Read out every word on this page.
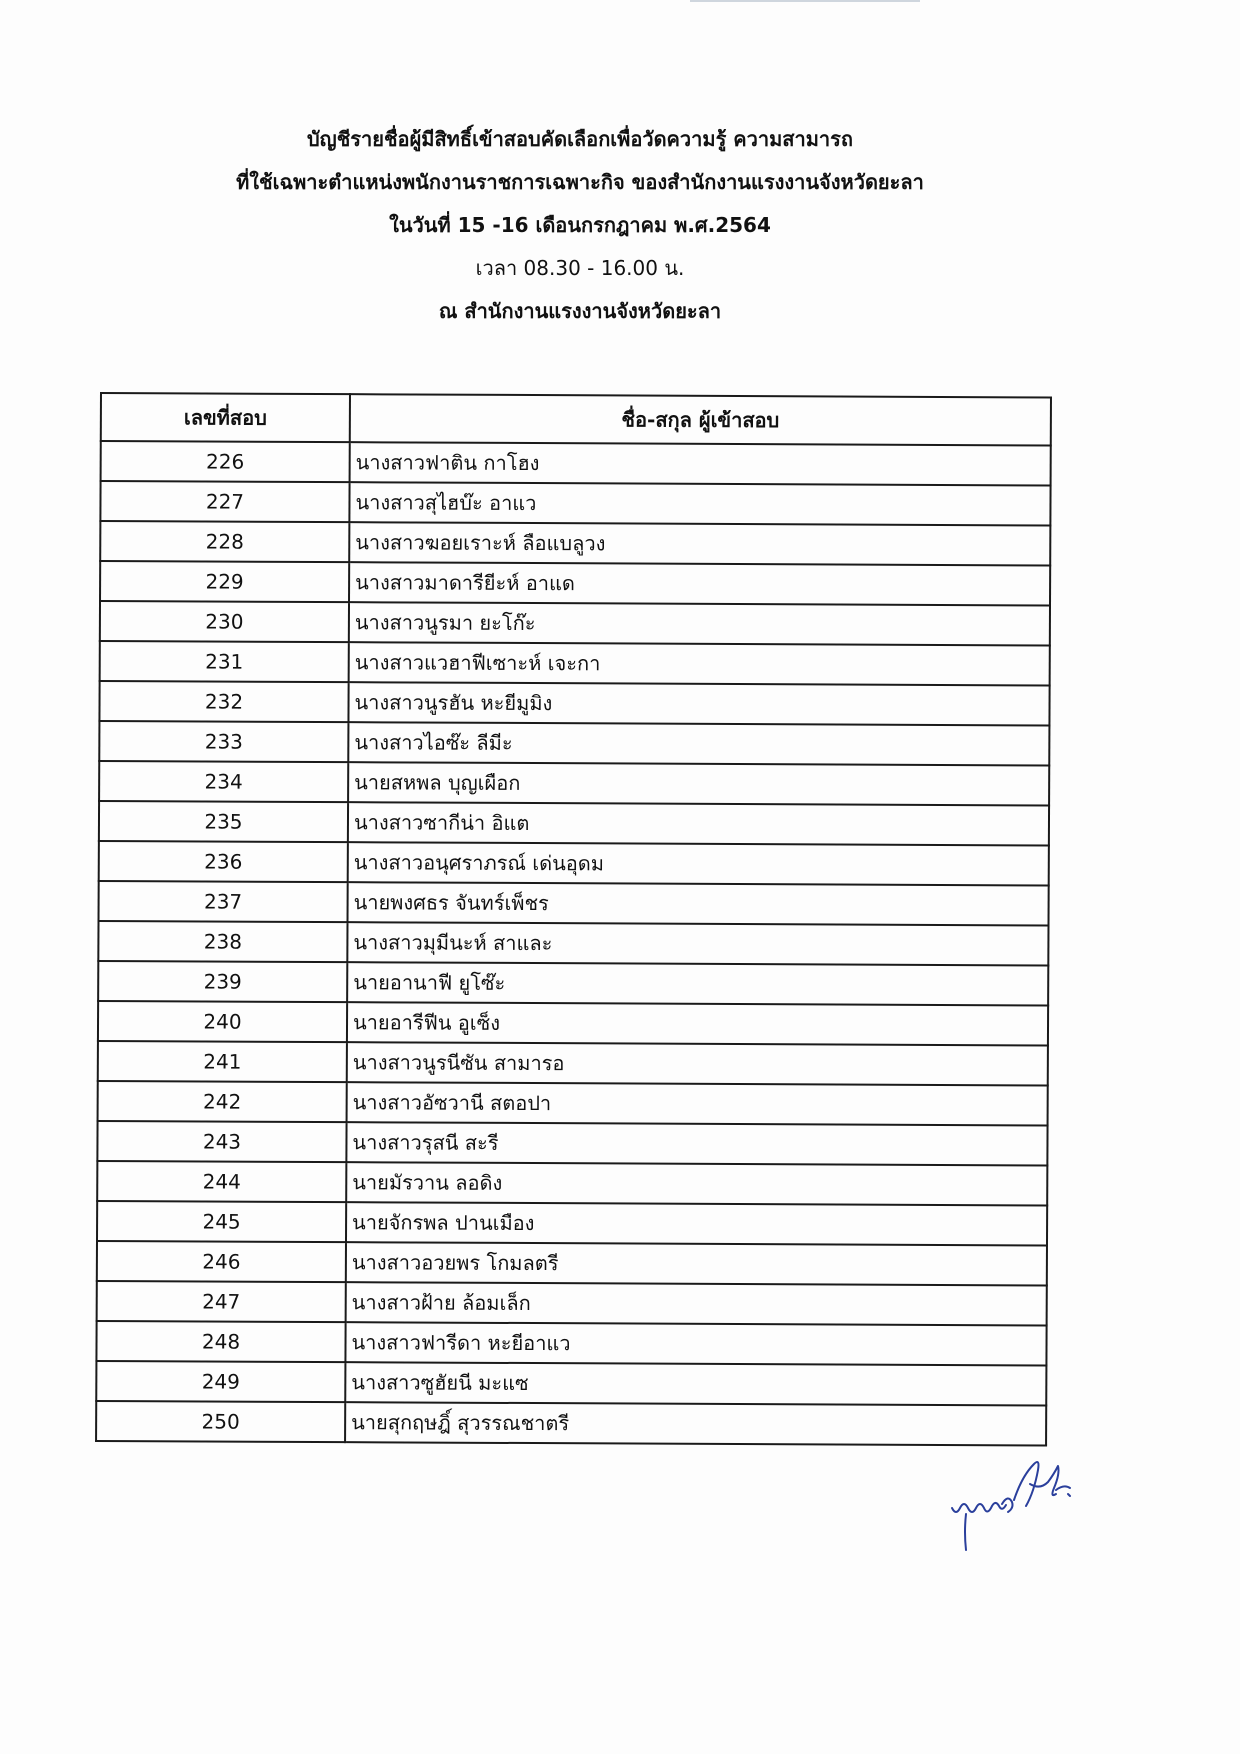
บัญชีรายชื่อผู้มีสิทธิ์เข้าสอบคัดเลือกเพื่อวัดความรู้ ความสามารถ
ที่ใช้เฉพาะตำแหน่งพนักงานราชการเฉพาะกิจ ของสำนักงานแรงงานจังหวัดยะลา
ในวันที่ 15 -16 เดือนกรกฎาคม พ.ศ.2564
เวลา 08.30 - 16.00 น.
ณ สำนักงานแรงงานจังหวัดยะลา
เลขที่สอบ	ชื่อ-สกุล ผู้เข้าสอบ
226	นางสาวฟาติน กาโฮง
227	นางสาวสุไฮบ๊ะ อาแว
228	นางสาวฆอยเราะห์ ลือแบลูวง
229	นางสาวมาดารียีะห์ อาแด
230	นางสาวนูรมา ยะโก๊ะ
231	นางสาวแวฮาฟีเซาะห์ เจะกา
232	นางสาวนูรฮัน หะยีมูมิง
233	นางสาวไอซ๊ะ ลีมีะ
234	นายสหพล บุญเผือก
235	นางสาวซากีน่า อิแต
236	นางสาวอนุศราภรณ์ เด่นอุดม
237	นายพงศธร จันทร์เพ็ชร
238	นางสาวมุมีนะห์ สาและ
239	นายอานาฟี ยูโซ๊ะ
240	นายอารีฟีน อูเซ็ง
241	นางสาวนูรนีซัน สามารอ
242	นางสาวอัซวานี สตอปา
243	นางสาวรุสนี สะรี
244	นายมัรวาน ลอดิง
245	นายจักรพล ปานเมือง
246	นางสาวอวยพร โกมลตรี
247	นางสาวฝ้าย ล้อมเล็ก
248	นางสาวฟารีดา หะยีอาแว
249	นางสาวซูฮัยนี มะแซ
250	นายสุกฤษฎิ์ สุวรรณชาตรี
